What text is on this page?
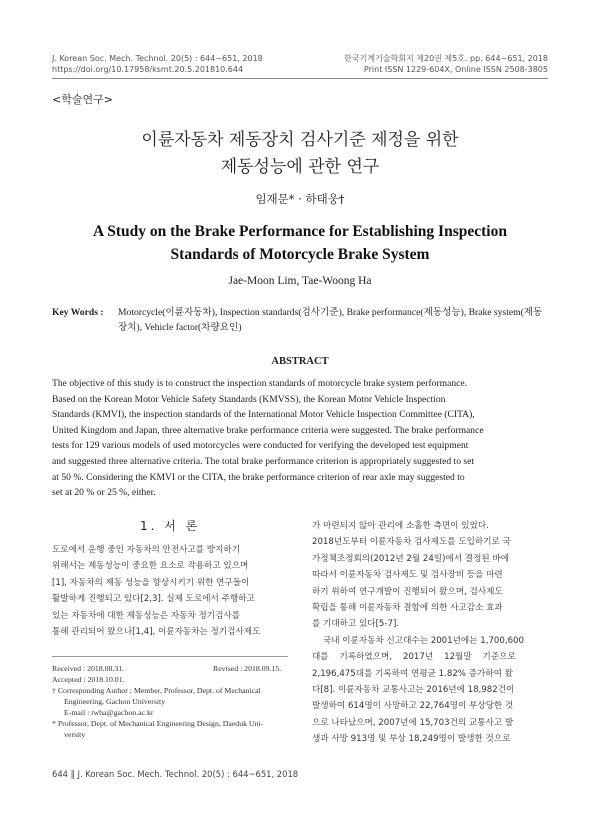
J. Korean Soc. Mech. Technol. 20(5) : 644~651, 2018
https://doi.org/10.17958/ksmt.20.5.201810.644
한국기계기술학회지 제20권 제5호. pp. 644~651, 2018
Print ISSN 1229-604X, Online ISSN 2508-3805
<학술연구>
이륜자동차 제동장치 검사기준 제정을 위한
제동성능에 관한 연구
임재문* · 하태웅†
A Study on the Brake Performance for Establishing Inspection
Standards of Motorcycle Brake System
Jae-Moon Lim, Tae-Woong Ha
Key Words : Motorcycle(이륜자동차), Inspection standards(검사기준), Brake performance(제동성능), Brake system(제동
장치), Vehicle factor(차량요인)
ABSTRACT
The objective of this study is to construct the inspection standards of motorcycle brake system performance.
Based on the Korean Motor Vehicle Safety Standards (KMVSS), the Korean Motor Vehicle Inspection
Standards (KMVI), the inspection standards of the International Motor Vehicle Inspection Committee (CITA),
United Kingdom and Japan, three alternative brake performance criteria were suggested. The brake performance
tests for 129 various models of used motorcycles were conducted for verifying the developed test equipment
and suggested three alternative criteria. The total brake performance criterion is appropriately suggested to set
at 50 %. Considering the KMVI or the CITA, the brake performance criterion of rear axle may suggested to
set at 20 % or 25 %, either.
1. 서 론
도로에서 운행 중인 자동차의 안전사고를 방지하기
위해서는 제동성능이 중요한 요소로 작용하고 있으며
[1], 자동차의 제동 성능을 향상시키기 위한 연구들이
활발하게 진행되고 있다[2,3]. 실제 도로에서 주행하고
있는 자동차에 대한 제동성능은 자동차 정기검사를
통해 관리되어 왔으나[1,4], 이륜자동차는 정기검사제도
Received : 2018.08.31.	Revised : 2018.09.15.
Accepted : 2018.10.01.
† Corresponding Author ; Member, Professor, Dept. of Mechanical
Engineering, Gachon University
E-mail : twha@gachon.ac.kr
* Professor, Dept. of Mechanical Engineering Design, Daeduk Uni-
versity
가 마련되지 않아 관리에 소홀한 측면이 있었다.
2018년도부터 이륜자동차 검사제도를 도입하기로 국
가정책조정회의(2012년 2월 24일)에서 결정된 바에
따라서 이륜자동차 검사제도 및 검사장비 등을 마련
하기 위하여 연구개발이 진행되어 왔으며, 검사제도
확립을 통해 이륜자동차 결함에 의한 사고감소 효과
를 기대하고 있다[5-7].
국내 이륜자동차 신고대수는 2001년에는 1,700,600
대를    기록하였으며,    2017년    12월말    기준으로
2,196,475대를 기록하여 연평균 1.82% 증가하여 왔
다[8]. 이륜자동차 교통사고는 2016년에 18,982건이
발생하여 614명이 사망하고 22,764명이 부상당한 것
으로 나타났으며, 2007년에 15,703건의 교통사고 발
생과 사망 913명 및 부상 18,249명이 발생한 것으로
644 ‖ J. Korean Soc. Mech. Technol. 20(5) : 644~651, 2018
